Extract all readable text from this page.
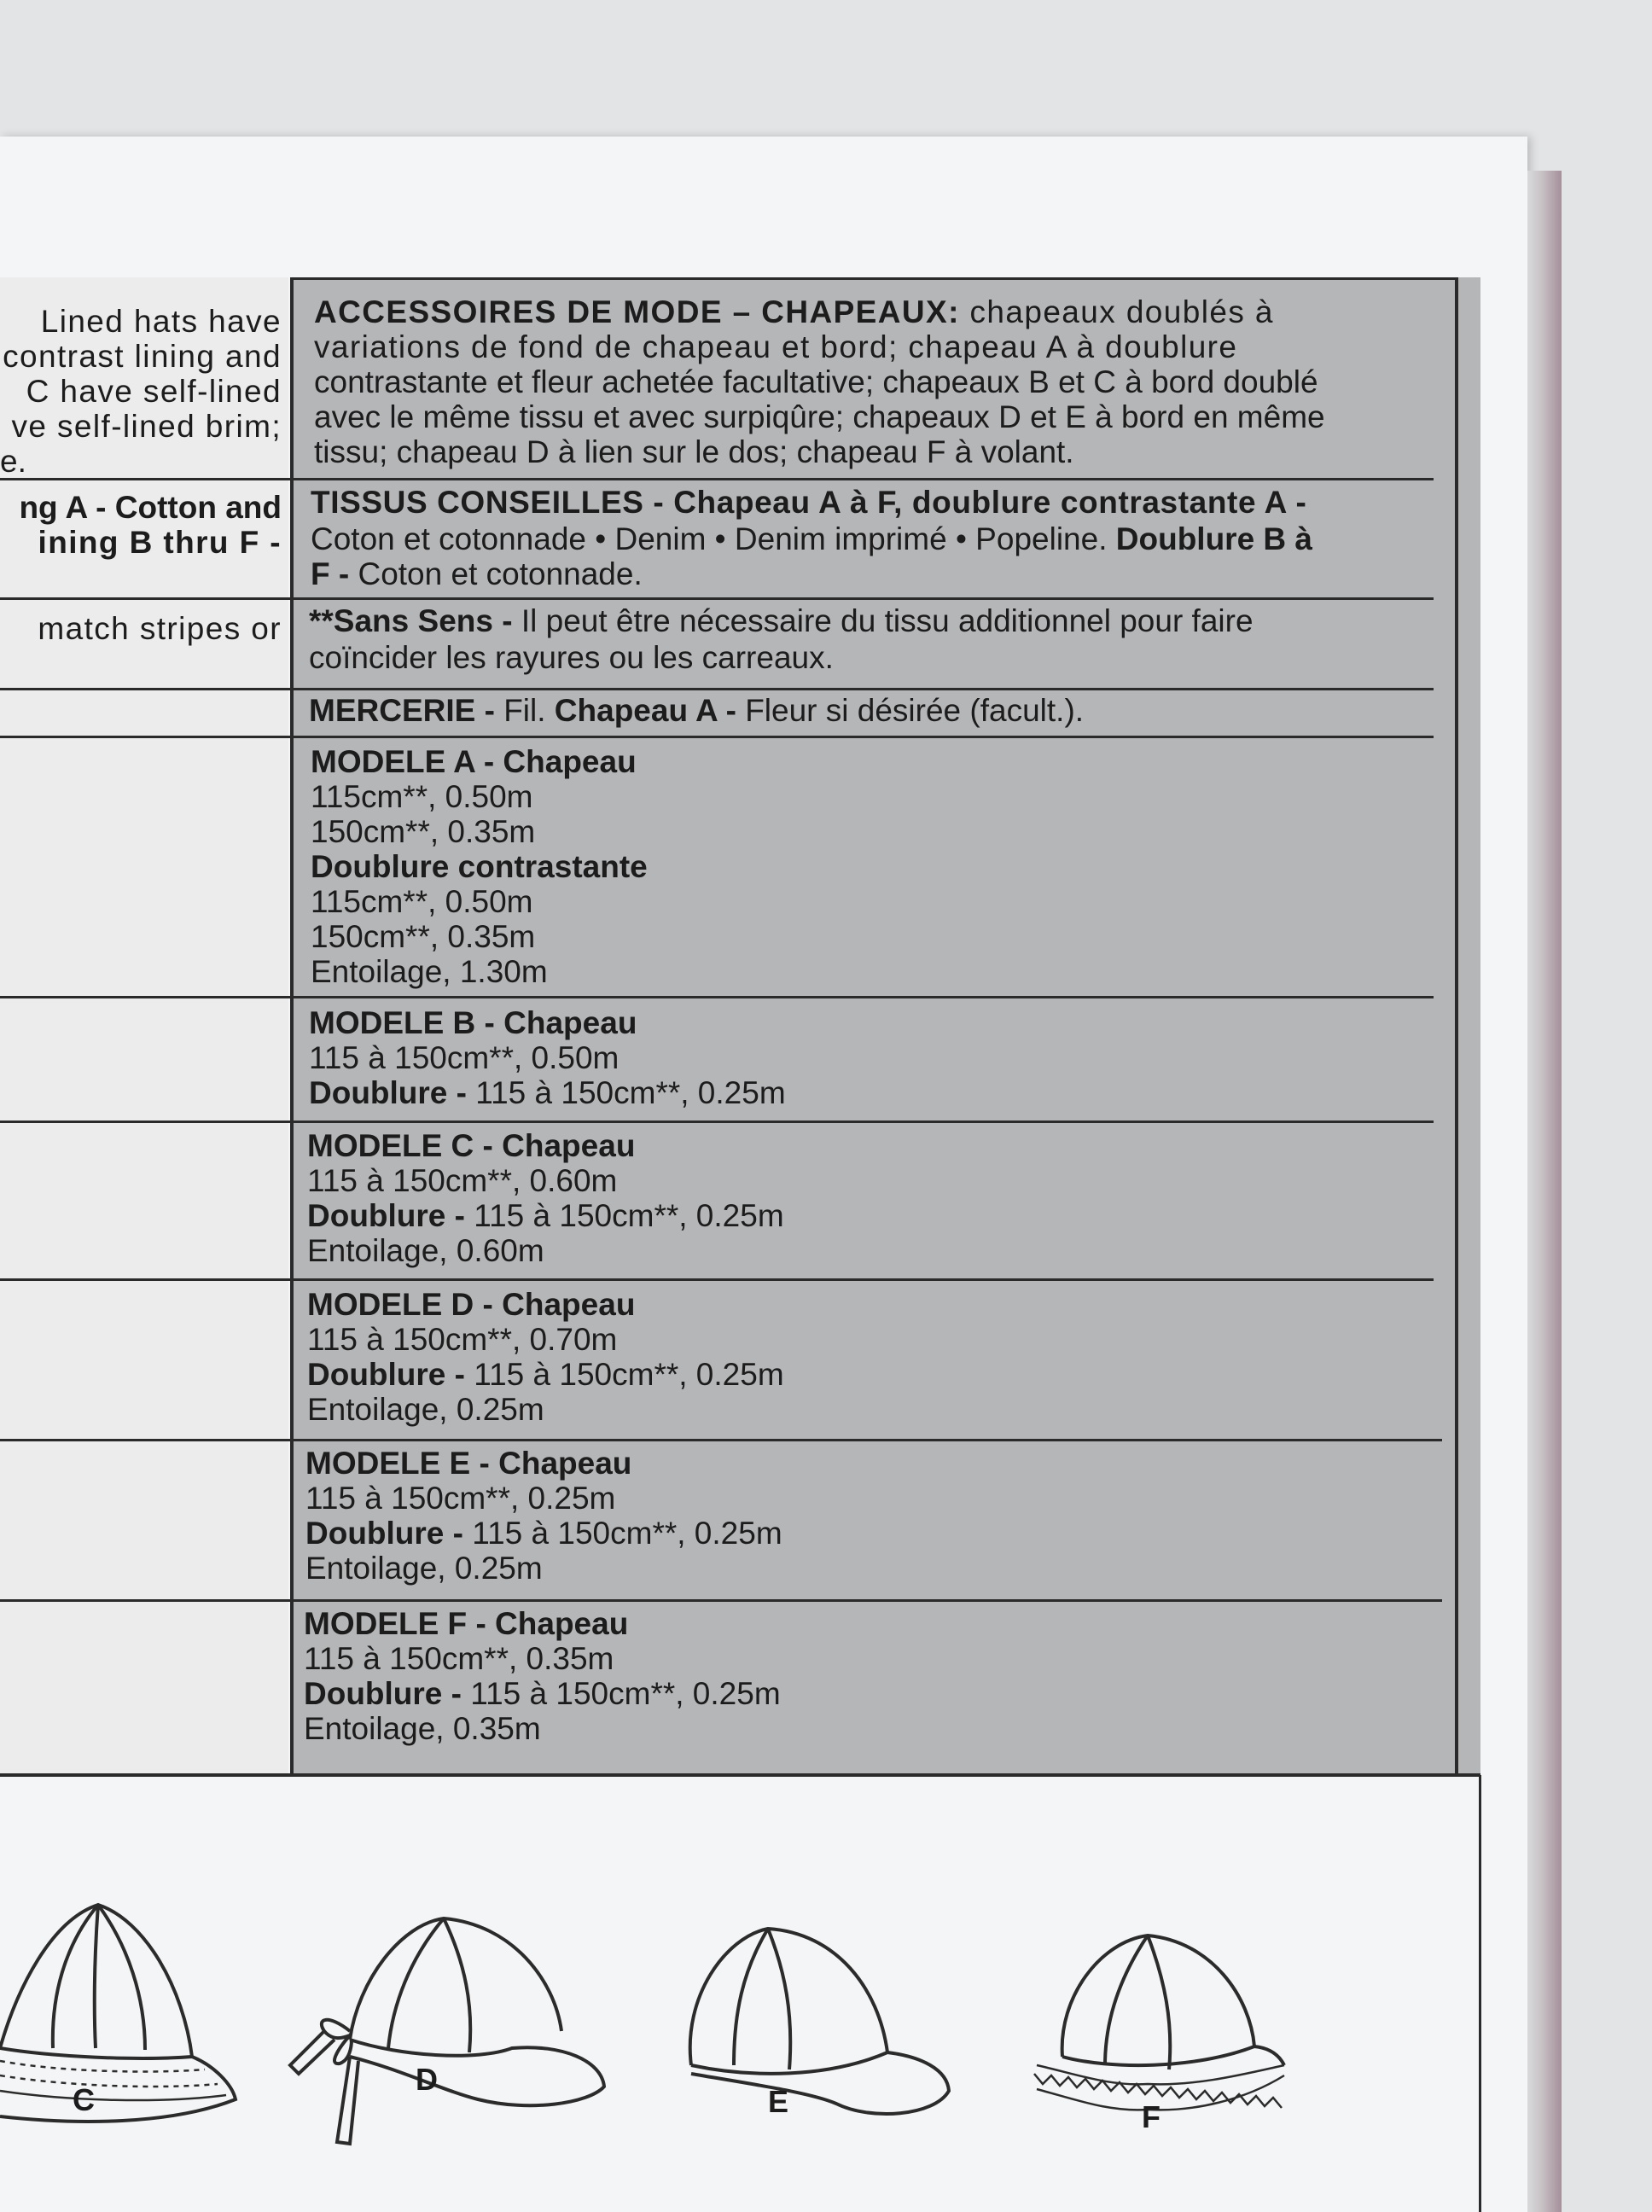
Lined hats have
contrast lining and
C have self-lined
ve self-lined brim;
e.
ng A - Cotton and
ining B thru F -
match stripes or
ACCESSOIRES DE MODE – CHAPEAUX: chapeaux doublés à
variations de fond de chapeau et bord; chapeau A à doublure
contrastante et fleur achetée facultative; chapeaux B et C à bord doublé
avec le même tissu et avec surpiqûre; chapeaux D et E à bord en même
tissu; chapeau D à lien sur le dos; chapeau F à volant.
TISSUS CONSEILLES - Chapeau A à F, doublure contrastante A -
Coton et cotonnade • Denim • Denim imprimé • Popeline. Doublure B à
F - Coton et cotonnade.
**Sans Sens - Il peut être nécessaire du tissu additionnel pour faire
coïncider les rayures ou les carreaux.
MERCERIE - Fil. Chapeau A - Fleur si désirée (facult.).
MODELE A - Chapeau
115cm**, 0.50m
150cm**, 0.35m
Doublure contrastante
115cm**, 0.50m
150cm**, 0.35m
Entoilage, 1.30m
MODELE B - Chapeau
115 à 150cm**, 0.50m
Doublure - 115 à 150cm**, 0.25m
MODELE C - Chapeau
115 à 150cm**, 0.60m
Doublure - 115 à 150cm**, 0.25m
Entoilage, 0.60m
MODELE D - Chapeau
115 à 150cm**, 0.70m
Doublure - 115 à 150cm**, 0.25m
Entoilage, 0.25m
MODELE E - Chapeau
115 à 150cm**, 0.25m
Doublure - 115 à 150cm**, 0.25m
Entoilage, 0.25m
MODELE F - Chapeau
115 à 150cm**, 0.35m
Doublure - 115 à 150cm**, 0.25m
Entoilage, 0.35m
C
D
E	F
